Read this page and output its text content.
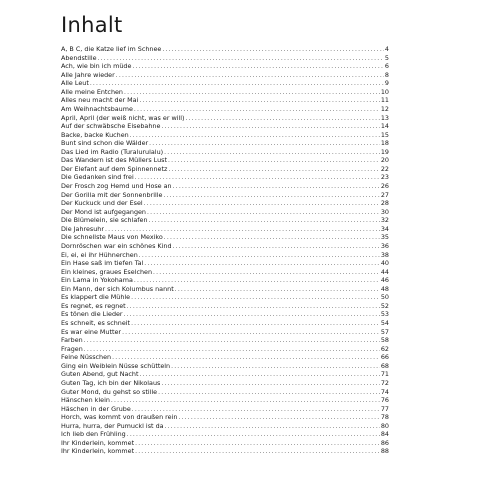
Inhalt
A, B C, die Katze lief im Schnee .....	4
Abendstille .....	5
Ach, wie bin ich müde .....	6
Alle Jahre wieder .....	8
Alle Leut .....	9
Alle meine Entchen .....	10
Alles neu macht der Mai .....	11
Am Weihnachtsbaume .....	12
April, April (der weiß nicht, was er will) .....	13
Auf der schwäbsche Eisebahne .....	14
Backe, backe Kuchen .....	15
Bunt sind schon die Wälder .....	18
Das Lied im Radio (Turalurulalu) .....	19
Das Wandern ist des Müllers Lust .....	20
Der Elefant auf dem Spinnennetz .....	22
Die Gedanken sind frei .....	23
Der Frosch zog Hemd und Hose an .....	26
Der Gorilla mit der Sonnenbrille .....	27
Der Kuckuck und der Esel .....	28
Der Mond ist aufgegangen .....	30
Die Blümelein, sie schlafen .....	32
Die Jahresuhr .....	34
Die schnellste Maus von Mexiko .....	35
Dornröschen war ein schönes Kind .....	36
Ei, ei, ei ihr Hühnerchen .....	38
Ein Hase saß im tiefen Tal .....	40
Ein kleines, graues Eselchen .....	44
Ein Lama in Yokohama .....	46
Ein Mann, der sich Kolumbus nannt .....	48
Es klappert die Mühle .....	50
Es regnet, es regnet .....	52
Es tönen die Lieder .....	53
Es schneit, es schneit .....	54
Es war eine Mutter .....	57
Farben .....	58
Fragen .....	62
Feine Nüsschen .....	66
Ging ein Weiblein Nüsse schütteln .....	68
Guten Abend, gut Nacht .....	71
Guten Tag, ich bin der Nikolaus .....	72
Guter Mond, du gehst so stille .....	74
Hänschen klein .....	76
Häschen in der Grube .....	77
Horch, was kommt von draußen rein .....	78
Hurra, hurra, der Pumuckl ist da .....	80
Ich lieb den Frühling .....	84
Ihr Kinderlein, kommet .....	86
Ihr Kinderlein, kommet .....	88
